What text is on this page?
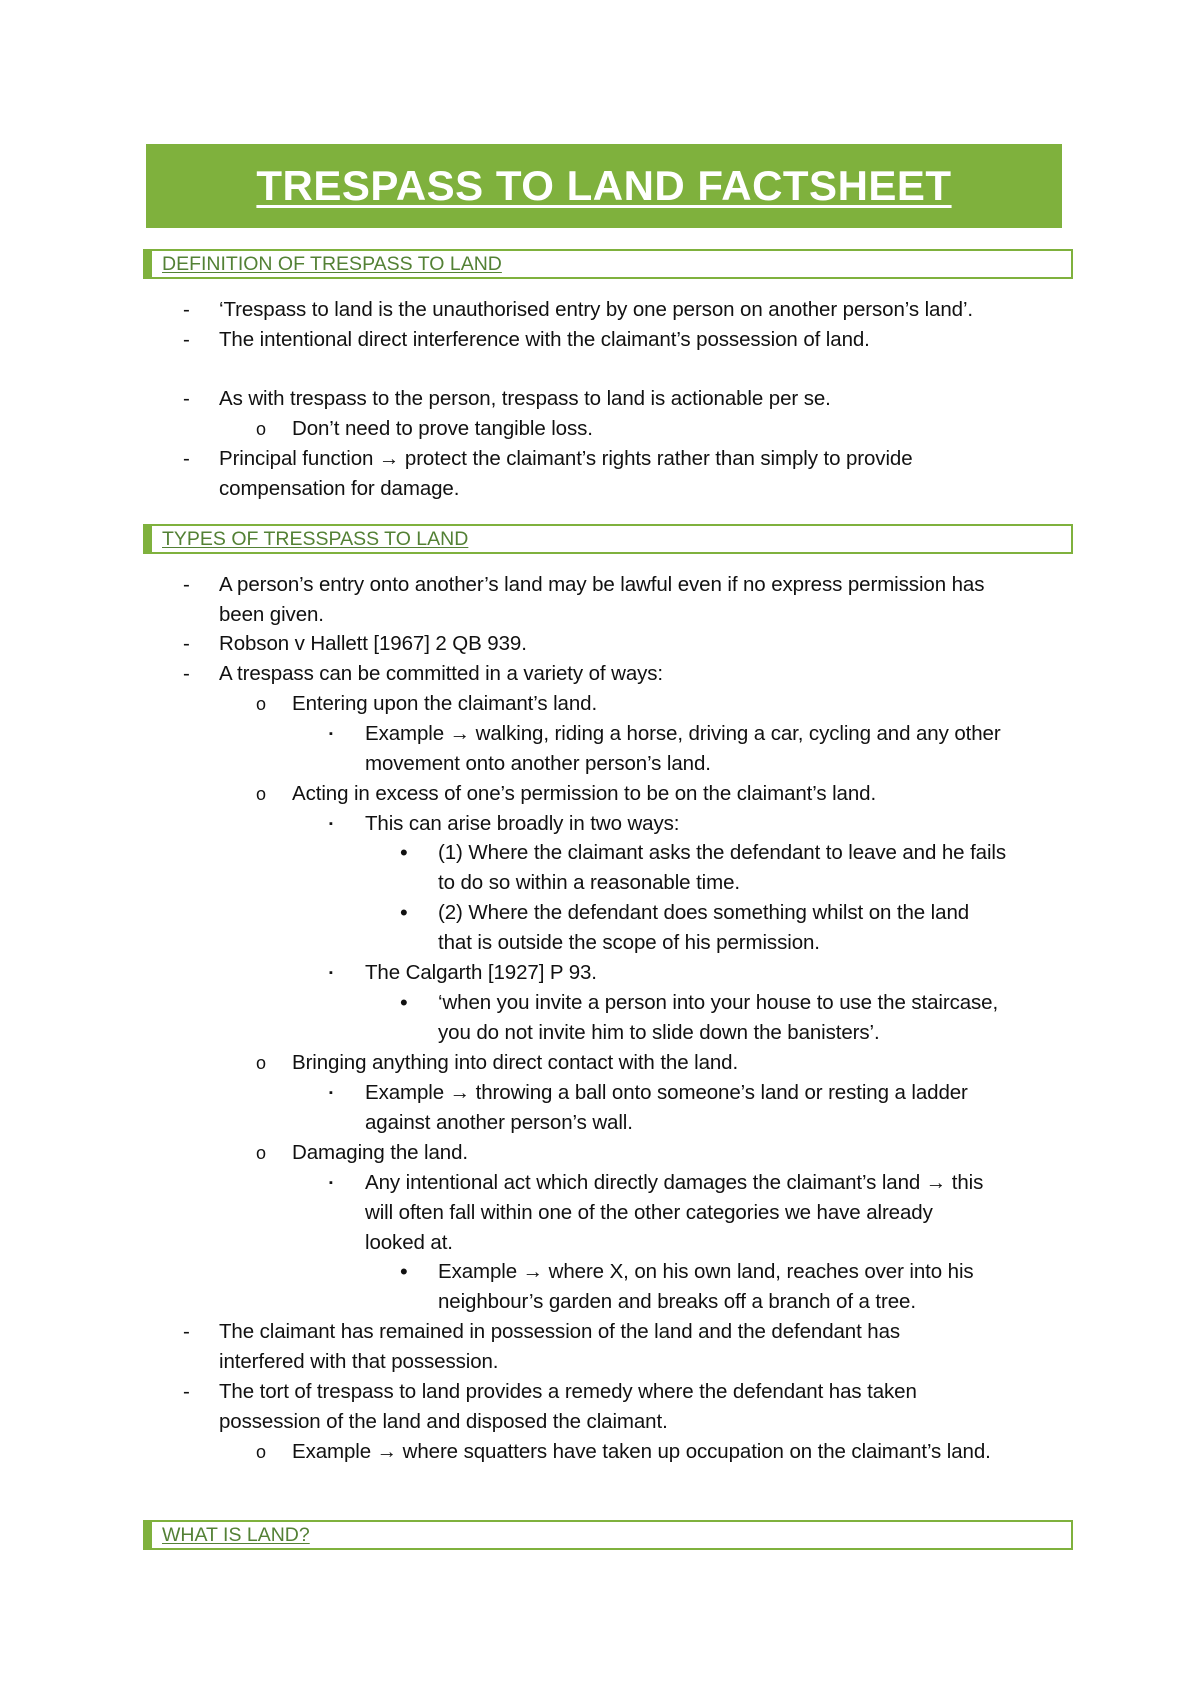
TRESPASS TO LAND FACTSHEET
DEFINITION OF TRESPASS TO LAND
- ‘Trespass to land is the unauthorised entry by one person on another person’s land’.
- The intentional direct interference with the claimant’s possession of land.
- As with trespass to the person, trespass to land is actionable per se.
o Don’t need to prove tangible loss.
- Principal function → protect the claimant’s rights rather than simply to provide
compensation for damage.
TYPES OF TRESSPASS TO LAND
- A person’s entry onto another’s land may be lawful even if no express permission has
been given.
- Robson v Hallett [1967] 2 QB 939.
- A trespass can be committed in a variety of ways:
o Entering upon the claimant’s land.
▪ Example → walking, riding a horse, driving a car, cycling and any other
movement onto another person’s land.
o Acting in excess of one’s permission to be on the claimant’s land.
▪ This can arise broadly in two ways:
• (1) Where the claimant asks the defendant to leave and he fails
to do so within a reasonable time.
• (2) Where the defendant does something whilst on the land
that is outside the scope of his permission.
▪ The Calgarth [1927] P 93.
• ‘when you invite a person into your house to use the staircase,
you do not invite him to slide down the banisters’.
o Bringing anything into direct contact with the land.
▪ Example → throwing a ball onto someone’s land or resting a ladder
against another person’s wall.
o Damaging the land.
▪ Any intentional act which directly damages the claimant’s land → this
will often fall within one of the other categories we have already
looked at.
• Example → where X, on his own land, reaches over into his
neighbour’s garden and breaks off a branch of a tree.
- The claimant has remained in possession of the land and the defendant has
interfered with that possession.
- The tort of trespass to land provides a remedy where the defendant has taken
possession of the land and disposed the claimant.
o Example → where squatters have taken up occupation on the claimant’s land.
WHAT IS LAND?
